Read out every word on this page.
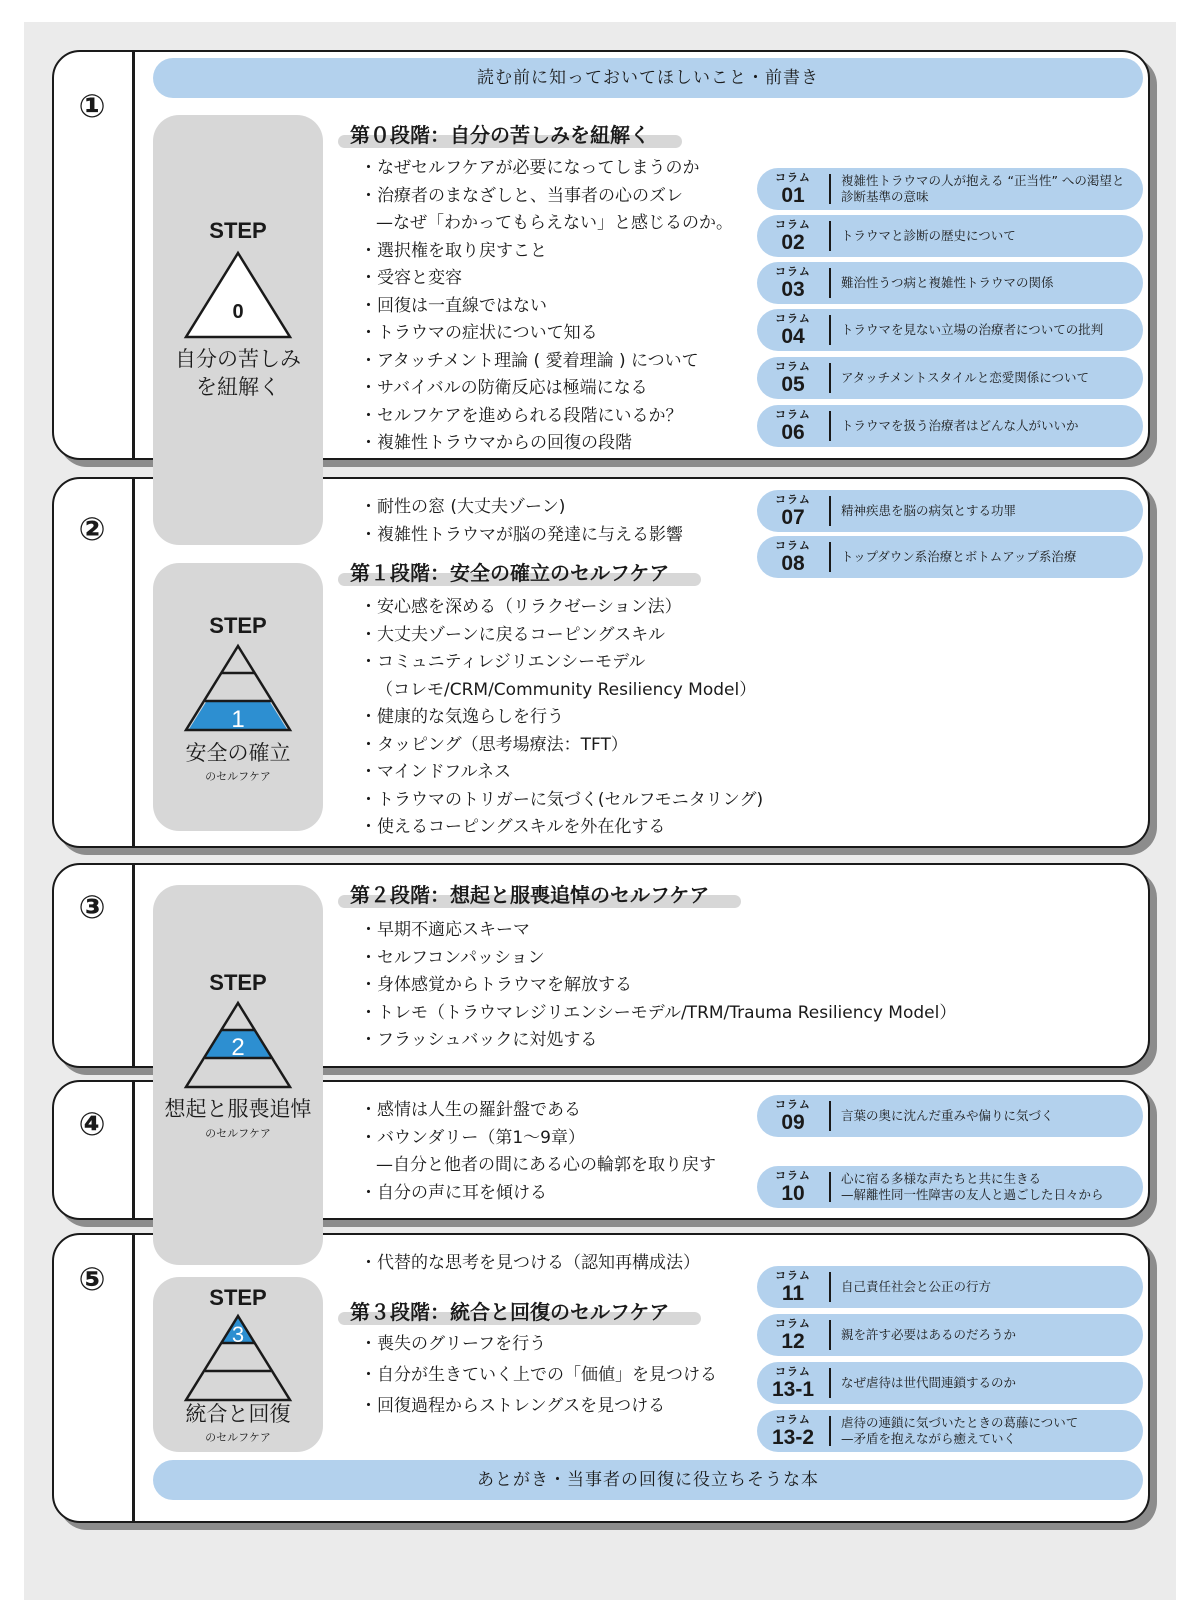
①
②
③
④
⑤
読む前に知っておいてほしいこと・前書き
あとがき・当事者の回復に役立ちそうな本
STEP
0
自分の苦しみ
を紐解く
STEP
1
安全の確立
のセルフケア
STEP
2
想起と服喪追悼
のセルフケア
STEP
3
統合と回復
のセルフケア
第０段階：自分の苦しみを紐解く
第１段階：安全の確立のセルフケア
第２段階：想起と服喪追悼のセルフケア
第３段階：統合と回復のセルフケア
・なぜセルフケアが必要になってしまうのか
・治療者のまなざしと、当事者の心のズレ
—なぜ「わかってもらえない」と感じるのか。
・選択権を取り戻すこと
・受容と変容
・回復は一直線ではない
・トラウマの症状について知る
・アタッチメント理論 ( 愛着理論 ) について
・サバイバルの防衛反応は極端になる
・セルフケアを進められる段階にいるか？
・複雑性トラウマからの回復の段階
・耐性の窓 (大丈夫ゾーン)
・複雑性トラウマが脳の発達に与える影響
・安心感を深める（リラクゼーション法）
・大丈夫ゾーンに戻るコーピングスキル
・コミュニティレジリエンシーモデル
（コレモ/CRM/Community Resiliency Model）
・健康的な気逸らしを行う
・タッピング（思考場療法：TFT）
・マインドフルネス
・トラウマのトリガーに気づく(セルフモニタリング)
・使えるコーピングスキルを外在化する
・早期不適応スキーマ
・セルフコンパッション
・身体感覚からトラウマを解放する
・トレモ（トラウマレジリエンシーモデル/TRM/Trauma Resiliency Model）
・フラッシュバックに対処する
・感情は人生の羅針盤である
・バウンダリー（第1～9章）
—自分と他者の間にある心の輪郭を取り戻す
・自分の声に耳を傾ける
・代替的な思考を見つける（認知再構成法）
・喪失のグリーフを行う
・自分が生きていく上での「価値」を見つける
・回復過程からストレングスを見つける
コラム
01
複雑性トラウマの人が抱える “正当性” への渇望と
診断基準の意味
コラム
02	トラウマと診断の歴史について
コラム
03	難治性うつ病と複雑性トラウマの関係
コラム
04	トラウマを見ない立場の治療者についての批判
コラム
05	アタッチメントスタイルと恋愛関係について
コラム
06	トラウマを扱う治療者はどんな人がいいか
コラム
07	精神疾患を脳の病気とする功罪
コラム
08	トップダウン系治療とボトムアップ系治療
コラム
09	言葉の奥に沈んだ重みや偏りに気づく
コラム
10
心に宿る多様な声たちと共に生きる
—解離性同一性障害の友人と過ごした日々から
コラム
11	自己責任社会と公正の行方
コラム
12	親を許す必要はあるのだろうか
コラム
13-1	なぜ虐待は世代間連鎖するのか
コラム
13-2
虐待の連鎖に気づいたときの葛藤について
—矛盾を抱えながら癒えていく
